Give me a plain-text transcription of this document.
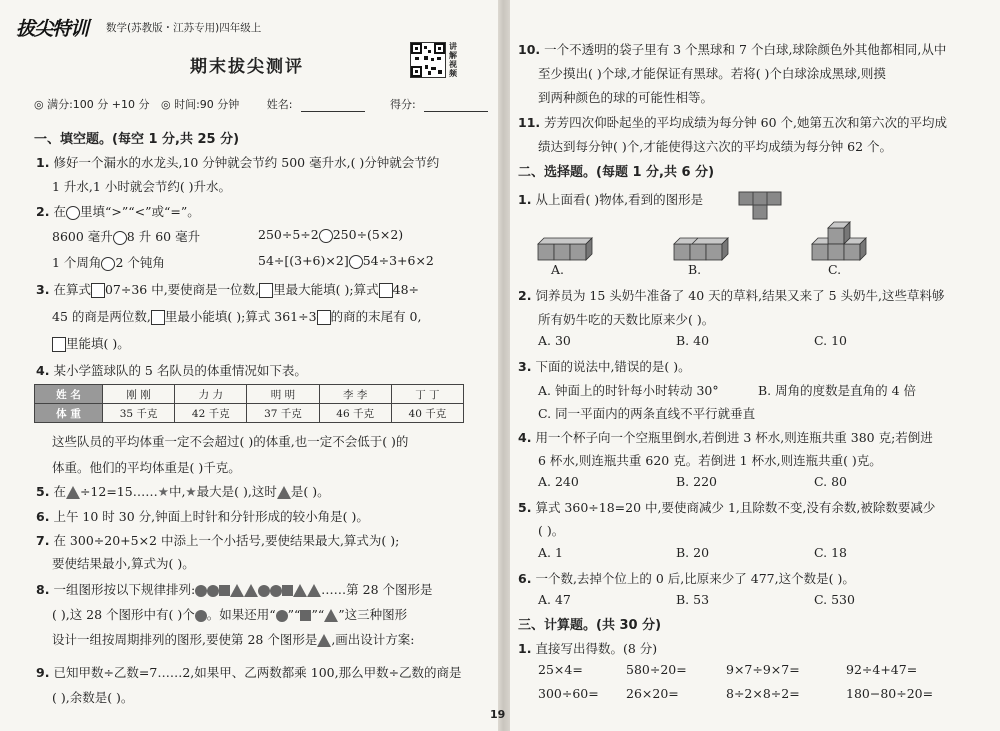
拔尖特训 数学(苏教版・江苏专用)四年级上
讲解视频
期末拔尖测评
◎ 满分:100 分 +10 分 ◎ 时间:90 分钟	姓名:	得分:
一、填空题。(每空 1 分,共 25 分)
1. 修好一个漏水的水龙头,10 分钟就会节约 500 毫升水,( )分钟就会节约
1 升水,1 小时就会节约( )升水。
2. 在 里填“>”“<”或“=”。
8600 毫升 8 升 60 毫升	250÷5÷2 250÷(5×2)
1 个周角 2 个钝角	54÷[(3+6)×2] 54÷3+6×2
3. 在算式 07÷36 中,要使商是一位数, 里最大能填( );算式 48÷
45 的商是两位数, 里最小能填( );算式 361÷3 的商的末尾有 0,
里能填( )。
4. 某小学篮球队的 5 名队员的体重情况如下表。
姓 名	刚 刚	力 力	明 明	李 李	丁 丁
体 重	35 千克	42 千克	37 千克	46 千克	40 千克
这些队员的平均体重一定不会超过( )的体重,也一定不会低于( )的
体重。他们的平均体重是( )千克。
5. 在 ÷12=15……★中,★最大是( ),这时 是( )。
6. 上午 10 时 30 分,钟面上时针和分针形成的较小角是( )。
7. 在 300÷20+5×2 中添上一个小括号,要使结果最大,算式为( );
要使结果最小,算式为( )。
8. 一组图形按以下规律排列:	……第 28 个图形是
( ),这 28 个图形中有( )个 。如果还用“ ”“ ”“ ”这三种图形
设计一组按周期排列的图形,要使第 28 个图形是 ,画出设计方案:
9. 已知甲数÷乙数=7……2,如果甲、乙两数都乘 100,那么甲数÷乙数的商是
( ),余数是( )。
19
10. 一个不透明的袋子里有 3 个黑球和 7 个白球,球除颜色外其他都相同,从中
至少摸出( )个球,才能保证有黑球。若将( )个白球涂成黑球,则摸
到两种颜色的球的可能性相等。
11. 芳芳四次仰卧起坐的平均成绩为每分钟 60 个,她第五次和第六次的平均成
绩达到每分钟( )个,才能使得这六次的平均成绩为每分钟 62 个。
二、选择题。(每题 1 分,共 6 分)
1. 从上面看( )物体,看到的图形是
A.	B.	C.
2. 饲养员为 15 头奶牛准备了 40 天的草料,结果又来了 5 头奶牛,这些草料够
所有奶牛吃的天数比原来少( )。
A. 30	B. 40	C. 10
3. 下面的说法中,错误的是( )。
A. 钟面上的时针每小时转动 30°	B. 周角的度数是直角的 4 倍
C. 同一平面内的两条直线不平行就垂直
4. 用一个杯子向一个空瓶里倒水,若倒进 3 杯水,则连瓶共重 380 克;若倒进
6 杯水,则连瓶共重 620 克。若倒进 1 杯水,则连瓶共重( )克。
A. 240	B. 220	C. 80
5. 算式 360÷18=20 中,要使商减少 1,且除数不变,没有余数,被除数要减少
( )。
A. 1	B. 20	C. 18
6. 一个数,去掉个位上的 0 后,比原来少了 477,这个数是( )。
A. 47	B. 53	C. 530
三、计算题。(共 30 分)
1. 直接写出得数。(8 分)
25×4=	580÷20=	9×7÷9×7=	92÷4+47=
300÷60= 26×20=	8÷2×8÷2=	180−80÷20=
